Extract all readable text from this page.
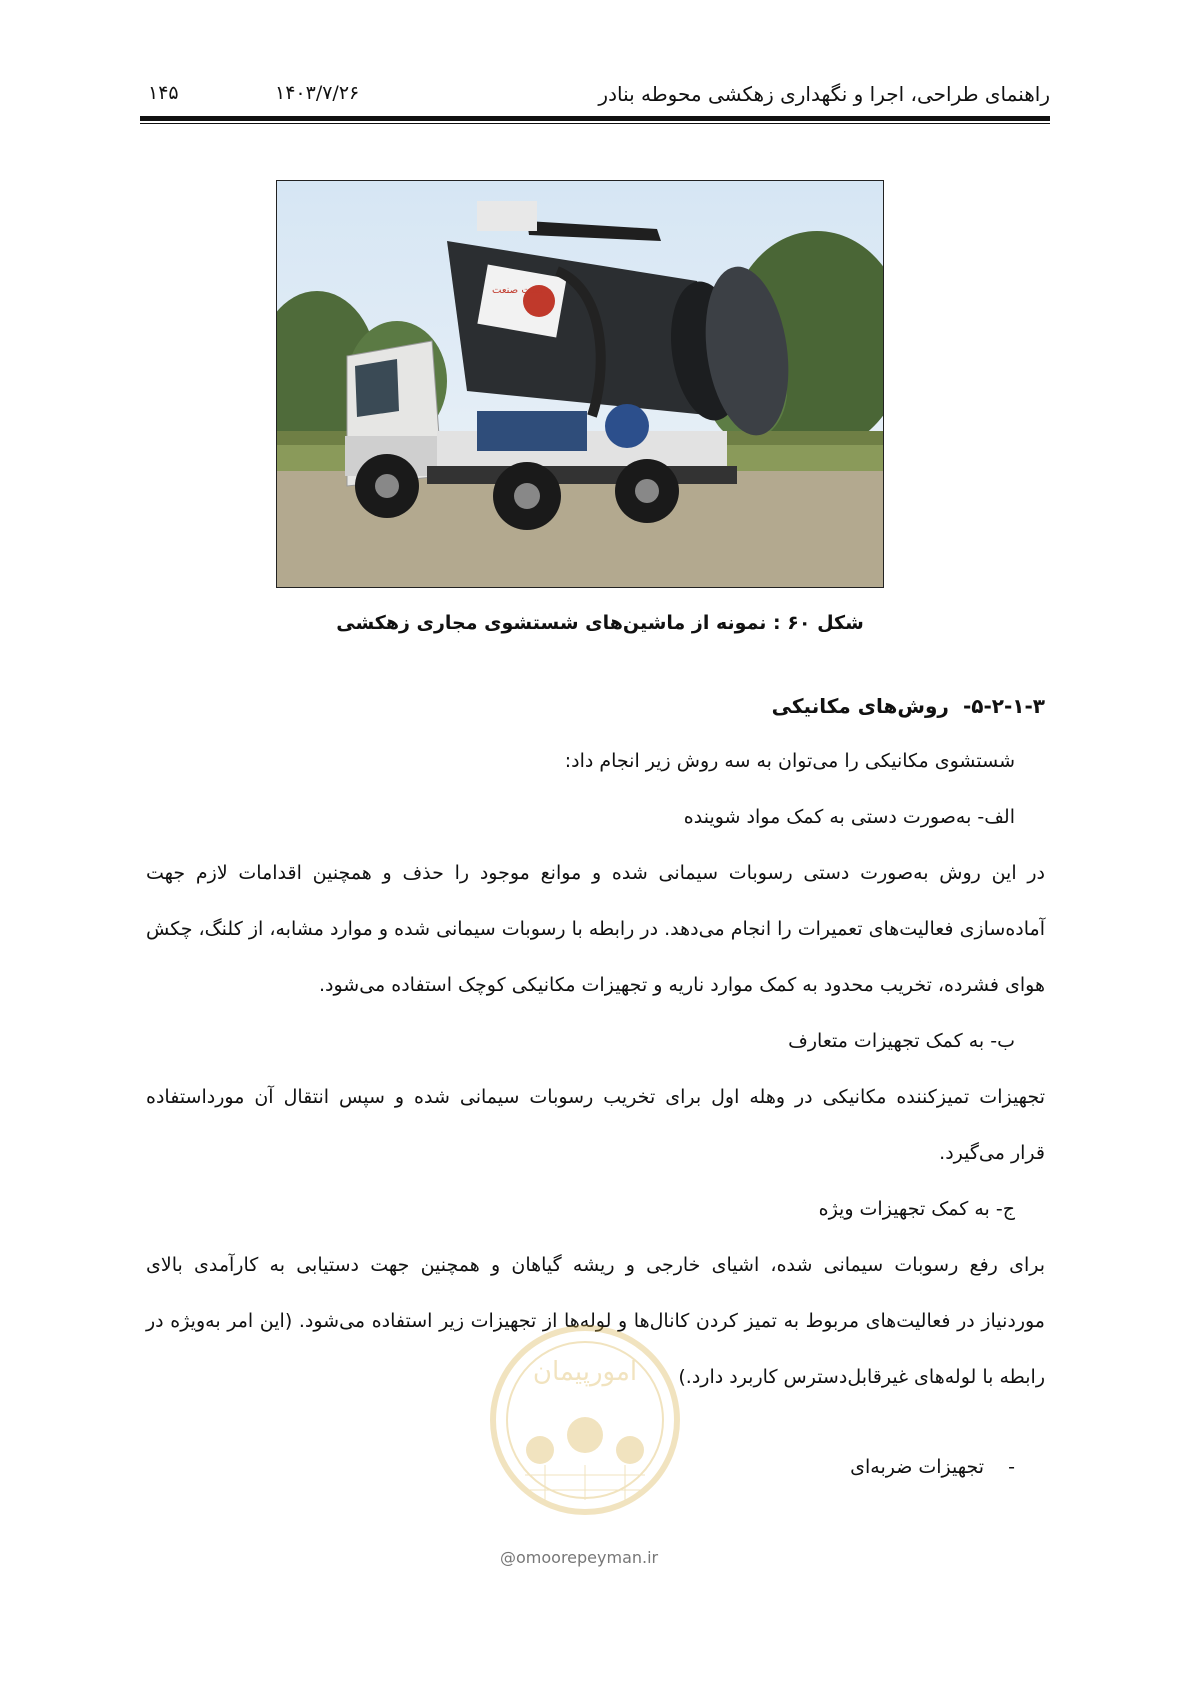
راهنمای طراحی، اجرا و نگهداری زهکشی محوطه بنادر
۱۴۰۳/۷/۲۶
۱۴۵
تست صنعت
شکل ۶۰ : نمونه از ماشین‌های شستشوی مجاری زهکشی
۵-۲-۱-۳-روش‌های مکانیکی
شستشوی مکانیکی را می‌توان به سه روش زیر انجام داد:
الف- به‌صورت دستی به کمک مواد شوینده
در این روش به‌صورت دستی رسوبات سیمانی شده و موانع موجود را حذف و همچنین اقدامات لازم جهت
آماده‌سازی فعالیت‌های تعمیرات را انجام می‌دهد. در رابطه با رسوبات سیمانی شده و موارد مشابه، از کلنگ، چکش
هوای فشرده، تخریب محدود به کمک موارد ناریه و تجهیزات مکانیکی کوچک استفاده می‌شود.
ب- به کمک تجهیزات متعارف
تجهیزات تمیزکننده مکانیکی در وهله اول برای تخریب رسوبات سیمانی شده و سپس انتقال آن مورداستفاده
قرار می‌گیرد.
ج- به کمک تجهیزات ویژه
برای رفع رسوبات سیمانی شده، اشیای خارجی و ریشه گیاهان و همچنین جهت دستیابی به کارآمدی بالای
موردنیاز در فعالیت‌های مربوط به تمیز کردن کانال‌ها و لوله‌ها از تجهیزات زیر استفاده می‌شود. (این امر به‌ویژه در
رابطه با لوله‌های غیرقابل‌دسترس کاربرد دارد.)
- تجهیزات ضربه‌ای
امورپیمان
@omoorepeyman.ir
